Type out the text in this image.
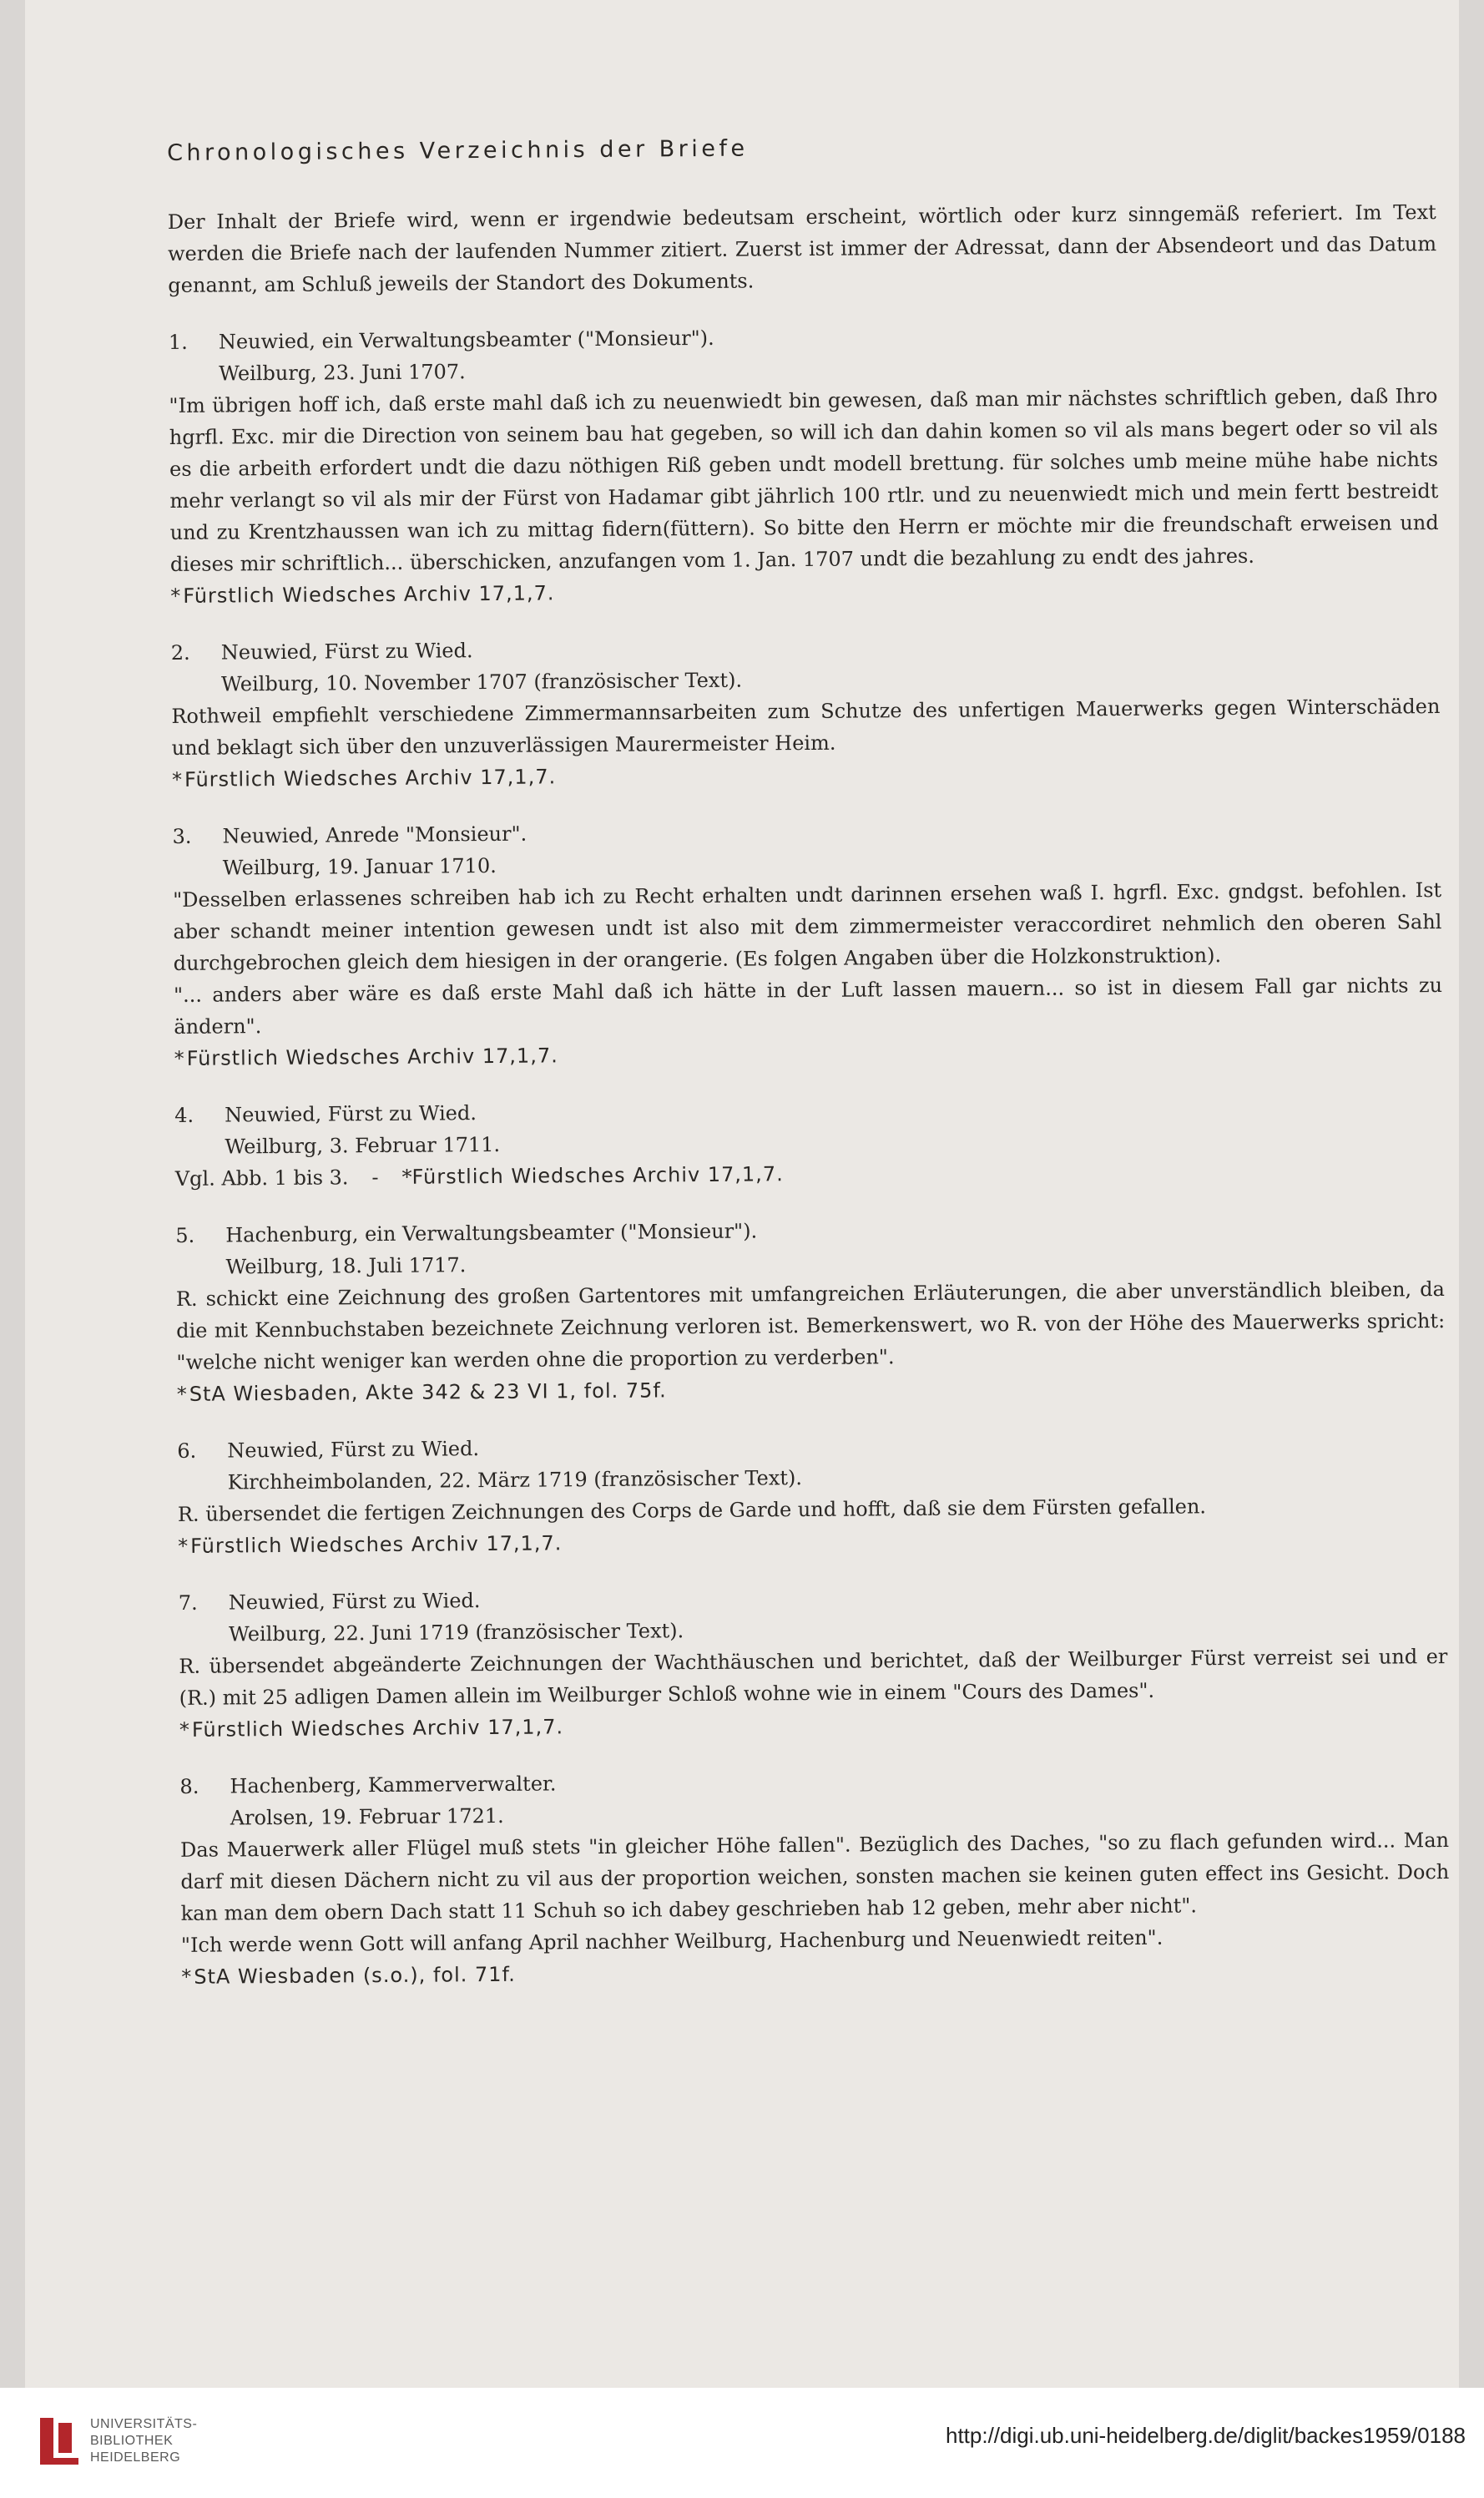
Chronologisches Verzeichnis der Briefe

Der Inhalt der Briefe wird, wenn er irgendwie bedeutsam erscheint, wörtlich oder kurz sinngemäß referiert. Im Text werden die Briefe nach der laufenden Nummer zitiert. Zuerst ist immer der Adressat, dann der Absendeort und das Datum genannt, am Schluß jeweils der Standort des Dokuments.

1. Neuwied, ein Verwaltungsbeamter ("Monsieur").
Weilburg, 23. Juni 1707.

"Im übrigen hoff ich, daß erste mahl daß ich zu neuenwiedt bin gewesen, daß man mir nächstes schriftlich geben, daß Ihro hgrfl. Exc. mir die Direction von seinem bau hat gegeben, so will ich dan dahin komen so vil als mans begert oder so vil als es die arbeith erfordert undt die dazu nöthigen Riß geben undt modell brettung. für solches umb meine mühe habe nichts mehr verlangt so vil als mir der Fürst von Hadamar gibt jährlich 100 rtlr. und zu neuenwiedt mich und mein fertt bestreidt und zu Krentzhaussen wan ich zu mittag fidern(füttern). So bitte den Herrn er möchte mir die freundschaft erweisen und dieses mir schriftlich... überschicken, anzufangen vom 1. Jan. 1707 undt die bezahlung zu endt des jahres.

*Fürstlich Wiedsches Archiv 17,1,7.
2. Neuwied, Fürst zu Wied.
Weilburg, 10. November 1707 (französischer Text).

Rothweil empfiehlt verschiedene Zimmermannsarbeiten zum Schutze des unfertigen Mauerwerks gegen Winterschäden und beklagt sich über den unzuverlässigen Maurermeister Heim.

*Fürstlich Wiedsches Archiv 17,1,7.
3. Neuwied, Anrede "Monsieur".
Weilburg, 19. Januar 1710.

"Desselben erlassenes schreiben hab ich zu Recht erhalten undt darinnen ersehen waß I. hgrfl. Exc. gndgst. befohlen. Ist aber schandt meiner intention gewesen undt ist also mit dem zimmermeister veraccordiret nehmlich den oberen Sahl durchgebrochen gleich dem hiesigen in der orangerie. (Es folgen Angaben über die Holzkonstruktion).

"... anders aber wäre es daß erste Mahl daß ich hätte in der Luft lassen mauern... so ist in diesem Fall gar nichts zu ändern".

*Fürstlich Wiedsches Archiv 17,1,7.
4. Neuwied, Fürst zu Wied.
Weilburg, 3. Februar 1711.
Vgl. Abb. 1 bis 3. - *Fürstlich Wiedsches Archiv 17,1,7.
5. Hachenburg, ein Verwaltungsbeamter ("Monsieur").
Weilburg, 18. Juli 1717.

R. schickt eine Zeichnung des großen Gartentores mit umfangreichen Erläuterungen, die aber unverständlich bleiben, da die mit Kennbuchstaben bezeichnete Zeichnung verloren ist. Bemerkenswert, wo R. von der Höhe des Mauerwerks spricht: "welche nicht weniger kan werden ohne die proportion zu verderben".

*StA Wiesbaden, Akte 342 & 23 VI 1, fol. 75f.
6. Neuwied, Fürst zu Wied.
Kirchheimbolanden, 22. März 1719 (französischer Text).

R. übersendet die fertigen Zeichnungen des Corps de Garde und hofft, daß sie dem Fürsten gefallen.

*Fürstlich Wiedsches Archiv 17,1,7.
7. Neuwied, Fürst zu Wied.
Weilburg, 22. Juni 1719 (französischer Text).

R. übersendet abgeänderte Zeichnungen der Wachthäuschen und berichtet, daß der Weilburger Fürst verreist sei und er (R.) mit 25 adligen Damen allein im Weilburger Schloß wohne wie in einem "Cours des Dames".

*Fürstlich Wiedsches Archiv 17,1,7.
8. Hachenberg, Kammerverwalter.
Arolsen, 19. Februar 1721.

Das Mauerwerk aller Flügel muß stets "in gleicher Höhe fallen". Bezüglich des Daches, "so zu flach gefunden wird... Man darf mit diesen Dächern nicht zu vil aus der proportion weichen, sonsten machen sie keinen guten effect ins Gesicht. Doch kan man dem obern Dach statt 11 Schuh so ich dabey geschrieben hab 12 geben, mehr aber nicht".

"Ich werde wenn Gott will anfang April nachher Weilburg, Hachenburg und Neuenwiedt reiten".

*StA Wiesbaden (s.o.), fol. 71f.
UNIVERSITÄTS-
BIBLIOTHEK
HEIDELBERG
http://digi.ub.uni-heidelberg.de/diglit/backes1959/0188
